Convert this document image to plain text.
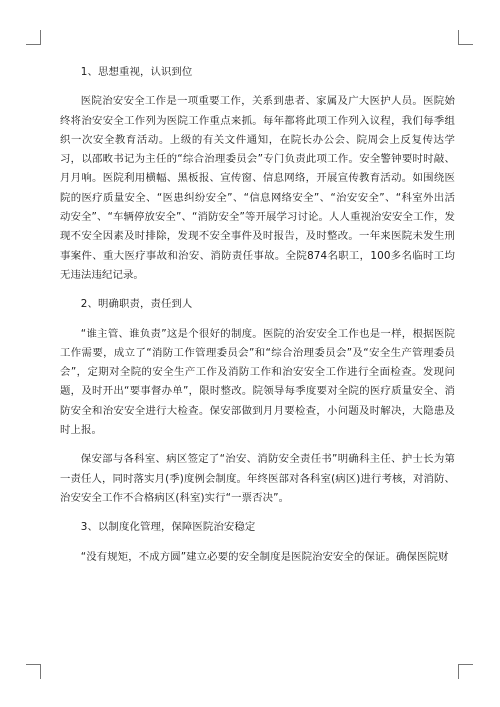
1、思想重视，认识到位

医院治安安全工作是一项重要工作，关系到患者、家属及广大医护人员。医院始终将治安安全工作列为医院工作重点来抓。每年都将此项工作列入议程，我们每季组织一次安全教育活动。上级的有关文件通知，在院长办公会、院周会上反复传达学习，以邵畋书记为主任的“综合治理委员会”专门负责此项工作。安全警钟要时时敲、月月响。医院利用横幅、黑板报、宣传窗、信息网络，开展宣传教育活动。如围绕医院的医疗质量安全、“医患纠纷安全”、“信息网络安全”、“治安安全”、“科室外出活动安全”、“车辆停放安全”、“消防安全”等开展学习讨论。人人重视治安安全工作，发现不安全因素及时排除，发现不安全事件及时报告，及时整改。一年来医院未发生刑事案件、重大医疗事故和治安、消防责任事故。全院874名职工，100多名临时工均无违法违纪记录。

2、明确职责，责任到人

“谁主管、谁负责”这是个很好的制度。医院的治安安全工作也是一样，根据医院工作需要，成立了“消防工作管理委员会”和“综合治理委员会”及“安全生产管理委员会”，定期对全院的安全生产工作及消防工作和治安安全工作进行全面检查。发现问题，及时开出“要事督办单”，限时整改。院领导每季度要对全院的医疗质量安全、消防安全和治安安全进行大检查。保安部做到月月要检查，小问题及时解决，大隐患及时上报。

保安部与各科室、病区签定了“治安、消防安全责任书”明确科主任、护士长为第一责任人，同时落实月(季)度例会制度。年终医部对各科室(病区)进行考核，对消防、治安安全工作不合格病区(科室)实行“一票否决”。

3、以制度化管理，保障医院治安稳定

“没有规矩，不成方圆”建立必要的安全制度是医院治安安全的保证。确保医院财
